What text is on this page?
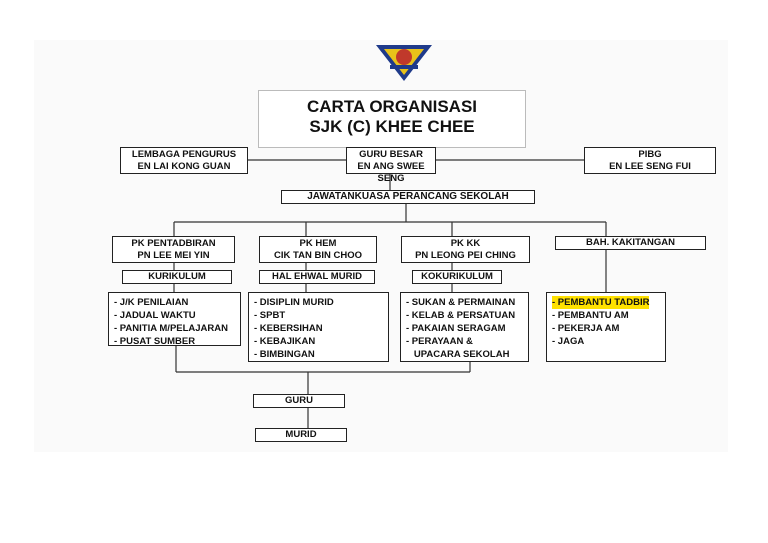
CARTA ORGANISASI
SJK (C) KHEE CHEE
LEMBAGA PENGURUS
EN LAI KONG GUAN
GURU BESAR
EN ANG SWEE SENG
PIBG
EN LEE SENG FUI
JAWATANKUASA PERANCANG SEKOLAH
PK PENTADBIRAN
PN LEE MEI YIN
PK HEM
CIK TAN BIN CHOO
PK KK
PN LEONG PEI CHING
BAH. KAKITANGAN
KURIKULUM	HAL EHWAL MURID	KOKURIKULUM
- J/K PENILAIAN
- JADUAL WAKTU
- PANITIA M/PELAJARAN
- PUSAT SUMBER
- DISIPLIN MURID
- SPBT
- KEBERSIHAN
- KEBAJIKAN
- BIMBINGAN
- SUKAN & PERMAINAN
- KELAB & PERSATUAN
- PAKAIAN SERAGAM
- PERAYAAN &
UPACARA SEKOLAH
- PEMBANTU TADBIR
- PEMBANTU AM
- PEKERJA AM
- JAGA
GURU
MURID
